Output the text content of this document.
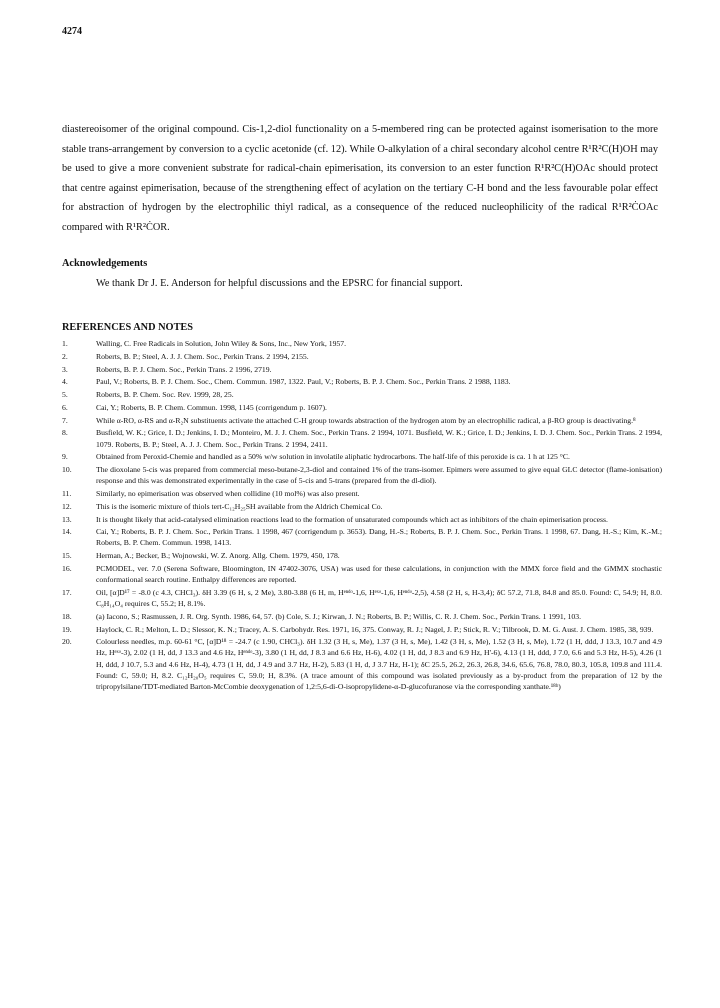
4274

diastereoisomer of the original compound. Cis-1,2-diol functionality on a 5-membered ring can be protected against isomerisation to the more stable trans-arrangement by conversion to a cyclic acetonide (cf. 12). While O-alkylation of a chiral secondary alcohol centre R¹R²C(H)OH may be used to give a more convenient substrate for radical-chain epimerisation, its conversion to an ester function R¹R²C(H)OAc should protect that centre against epimerisation, because of the strengthening effect of acylation on the tertiary C-H bond and the less favourable polar effect for abstraction of hydrogen by the electrophilic thiyl radical, as a consequence of the reduced nucleophilicity of the radical R¹R²ĊOAc compared with R¹R²ĊOR.

Acknowledgements

We thank Dr J. E. Anderson for helpful discussions and the EPSRC for financial support.

REFERENCES AND NOTES
1.	Walling, C. Free Radicals in Solution, John Wiley & Sons, Inc., New York, 1957.
2.	Roberts, B. P.; Steel, A. J. J. Chem. Soc., Perkin Trans. 2 1994, 2155.
3.	Roberts, B. P. J. Chem. Soc., Perkin Trans. 2 1996, 2719.
4.	Paul, V.; Roberts, B. P. J. Chem. Soc., Chem. Commun. 1987, 1322. Paul, V.; Roberts, B. P. J. Chem. Soc., Perkin Trans. 2 1988, 1183.
5.	Roberts, B. P. Chem. Soc. Rev. 1999, 28, 25.
6.	Cai, Y.; Roberts, B. P. Chem. Commun. 1998, 1145 (corrigendum p. 1607).
7.	While α-RO, α-RS and α-R₂N substituents activate the attached C-H group towards abstraction of the hydrogen atom by an electrophilic radical, a β-RO group is deactivating.⁸
8.	Busfield, W. K.; Grice, I. D.; Jenkins, I. D.; Monteiro, M. J. J. Chem. Soc., Perkin Trans. 2 1994, 1071. Busfield, W. K.; Grice, I. D.; Jenkins, I. D. J. Chem. Soc., Perkin Trans. 2 1994, 1079. Roberts, B. P.; Steel, A. J. J. Chem. Soc., Perkin Trans. 2 1994, 2411.
9.	Obtained from Peroxid-Chemie and handled as a 50% w/w solution in involatile aliphatic hydrocarbons. The half-life of this peroxide is ca. 1 h at 125 °C.
10.	The dioxolane 5-cis was prepared from commercial meso-butane-2,3-diol and contained 1% of the trans-isomer. Epimers were assumed to give equal GLC detector (flame-ionisation) response and this was demonstrated experimentally in the case of 5-cis and 5-trans (prepared from the dl-diol).
11.	Similarly, no epimerisation was observed when collidine (10 mol%) was also present.
12.	This is the isomeric mixture of thiols tert-C₁₂H₂₅SH available from the Aldrich Chemical Co.
13.	It is thought likely that acid-catalysed elimination reactions lead to the formation of unsaturated compounds which act as inhibitors of the chain epimerisation process.
14.	Cai, Y.; Roberts, B. P. J. Chem. Soc., Perkin Trans. 1 1998, 467 (corrigendum p. 3653). Dang, H.-S.; Roberts, B. P. J. Chem. Soc., Perkin Trans. 1 1998, 67. Dang, H.-S.; Kim, K.-M.; Roberts, B. P. Chem. Commun. 1998, 1413.
15.	Herman, A.; Becker, B.; Wojnowski, W. Z. Anorg. Allg. Chem. 1979, 450, 178.
16.	PCMODEL, ver. 7.0 (Serena Software, Bloomington, IN 47402-3076, USA) was used for these calculations, in conjunction with the MMX force field and the GMMX stochastic conformational search routine. Enthalpy differences are reported.
17.	Oil, [α]D¹⁷ = -8.0 (c 4.3, CHCl₃). δH 3.39 (6 H, s, 2 Me), 3.80-3.88 (6 H, m, Hᵉⁿᵈᵒ-1,6, Hᵉˣᵒ-1,6, Hᵉⁿᵈᵒ-2,5), 4.58 (2 H, s, H-3,4); δC 57.2, 71.8, 84.8 and 85.0. Found: C, 54.9; H, 8.0. C₈H₁₄O₄ requires C, 55.2; H, 8.1%.
18.	(a) Iacono, S.; Rasmussen, J. R. Org. Synth. 1986, 64, 57. (b) Cole, S. J.; Kirwan, J. N.; Roberts, B. P.; Willis, C. R. J. Chem. Soc., Perkin Trans. 1 1991, 103.
19.	Haylock, C. R.; Melton, L. D.; Slessor, K. N.; Tracey, A. S. Carbohydr. Res. 1971, 16, 375. Conway, R. J.; Nagel, J. P.; Stick, R. V.; Tilbrook, D. M. G. Aust. J. Chem. 1985, 38, 939.
20.	Colourless needles, m.p. 60-61 °C, [α]D¹⁸ = -24.7 (c 1.90, CHCl₃). δH 1.32 (3 H, s, Me), 1.37 (3 H, s, Me), 1.42 (3 H, s, Me), 1.52 (3 H, s, Me), 1.72 (1 H, ddd, J 13.3, 10.7 and 4.9 Hz, Hᵉˣᵒ-3), 2.02 (1 H, dd, J 13.3 and 4.6 Hz, Hᵉⁿᵈᵒ-3), 3.80 (1 H, dd, J 8.3 and 6.6 Hz, H-6), 4.02 (1 H, dd, J 8.3 and 6.9 Hz, H'-6), 4.13 (1 H, ddd, J 7.0, 6.6 and 5.3 Hz, H-5), 4.26 (1 H, ddd, J 10.7, 5.3 and 4.6 Hz, H-4), 4.73 (1 H, dd, J 4.9 and 3.7 Hz, H-2), 5.83 (1 H, d, J 3.7 Hz, H-1); δC 25.5, 26.2, 26.3, 26.8, 34.6, 65.6, 76.8, 78.0, 80.3, 105.8, 109.8 and 111.4. Found: C, 59.0; H, 8.2. C₁₂H₂₀O₅ requires C, 59.0; H, 8.3%. (A trace amount of this compound was isolated previously as a by-product from the preparation of 12 by the tripropylsilane/TDT-mediated Barton-McCombie deoxygenation of 1,2:5,6-di-O-isopropylidene-α-D-glucofuranose via the corresponding xanthate.¹⁸ᵇ)
